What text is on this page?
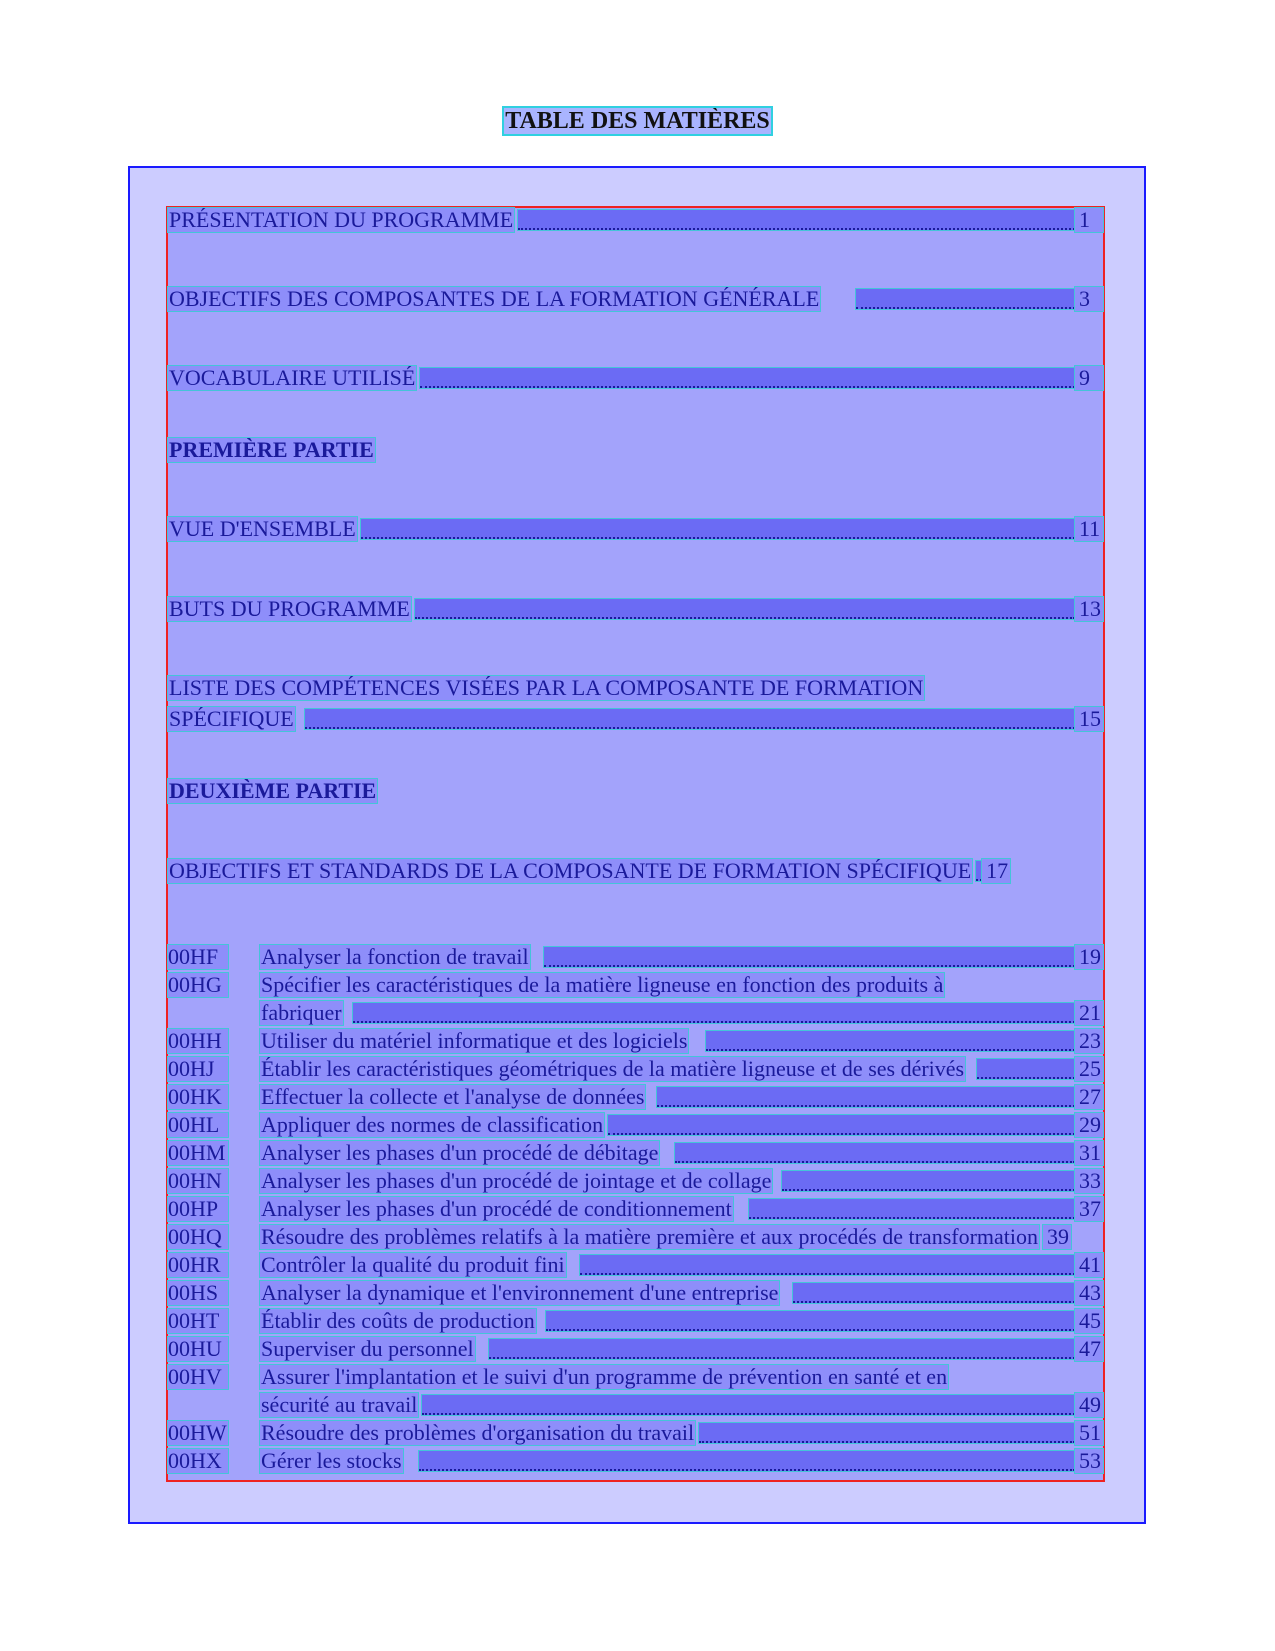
TABLE DES MATIÈRES
PRÉSENTATION DU PROGRAMME	1
OBJECTIFS DES COMPOSANTES DE LA FORMATION GÉNÉRALE	3
VOCABULAIRE UTILISÉ	9
PREMIÈRE PARTIE
VUE D'ENSEMBLE	11
BUTS DU PROGRAMME	13
LISTE DES COMPÉTENCES VISÉES PAR LA COMPOSANTE DE FORMATION
SPÉCIFIQUE	15
DEUXIÈME PARTIE
OBJECTIFS ET STANDARDS DE LA COMPOSANTE DE FORMATION SPÉCIFIQUE 17
00HF	Analyser la fonction de travail	19
00HG Spécifier les caractéristiques de la matière ligneuse en fonction des produits à
fabriquer	21
00HH Utiliser du matériel informatique et des logiciels	23
00HJ	Établir les caractéristiques géométriques de la matière ligneuse et de ses dérivés	25
00HK Effectuer la collecte et l'analyse de données	27
00HL	Appliquer des normes de classification	29
00HM Analyser les phases d'un procédé de débitage	31
00HN Analyser les phases d'un procédé de jointage et de collage	33
00HP	Analyser les phases d'un procédé de conditionnement	37
00HQ Résoudre des problèmes relatifs à la matière première et aux procédés de transformation 39
00HR	Contrôler la qualité du produit fini	41
00HS	Analyser la dynamique et l'environnement d'une entreprise	43
00HT	Établir des coûts de production	45
00HU Superviser du personnel	47
00HV Assurer l'implantation et le suivi d'un programme de prévention en santé et en
sécurité au travail	49
00HW Résoudre des problèmes d'organisation du travail	51
00HX Gérer les stocks	53
